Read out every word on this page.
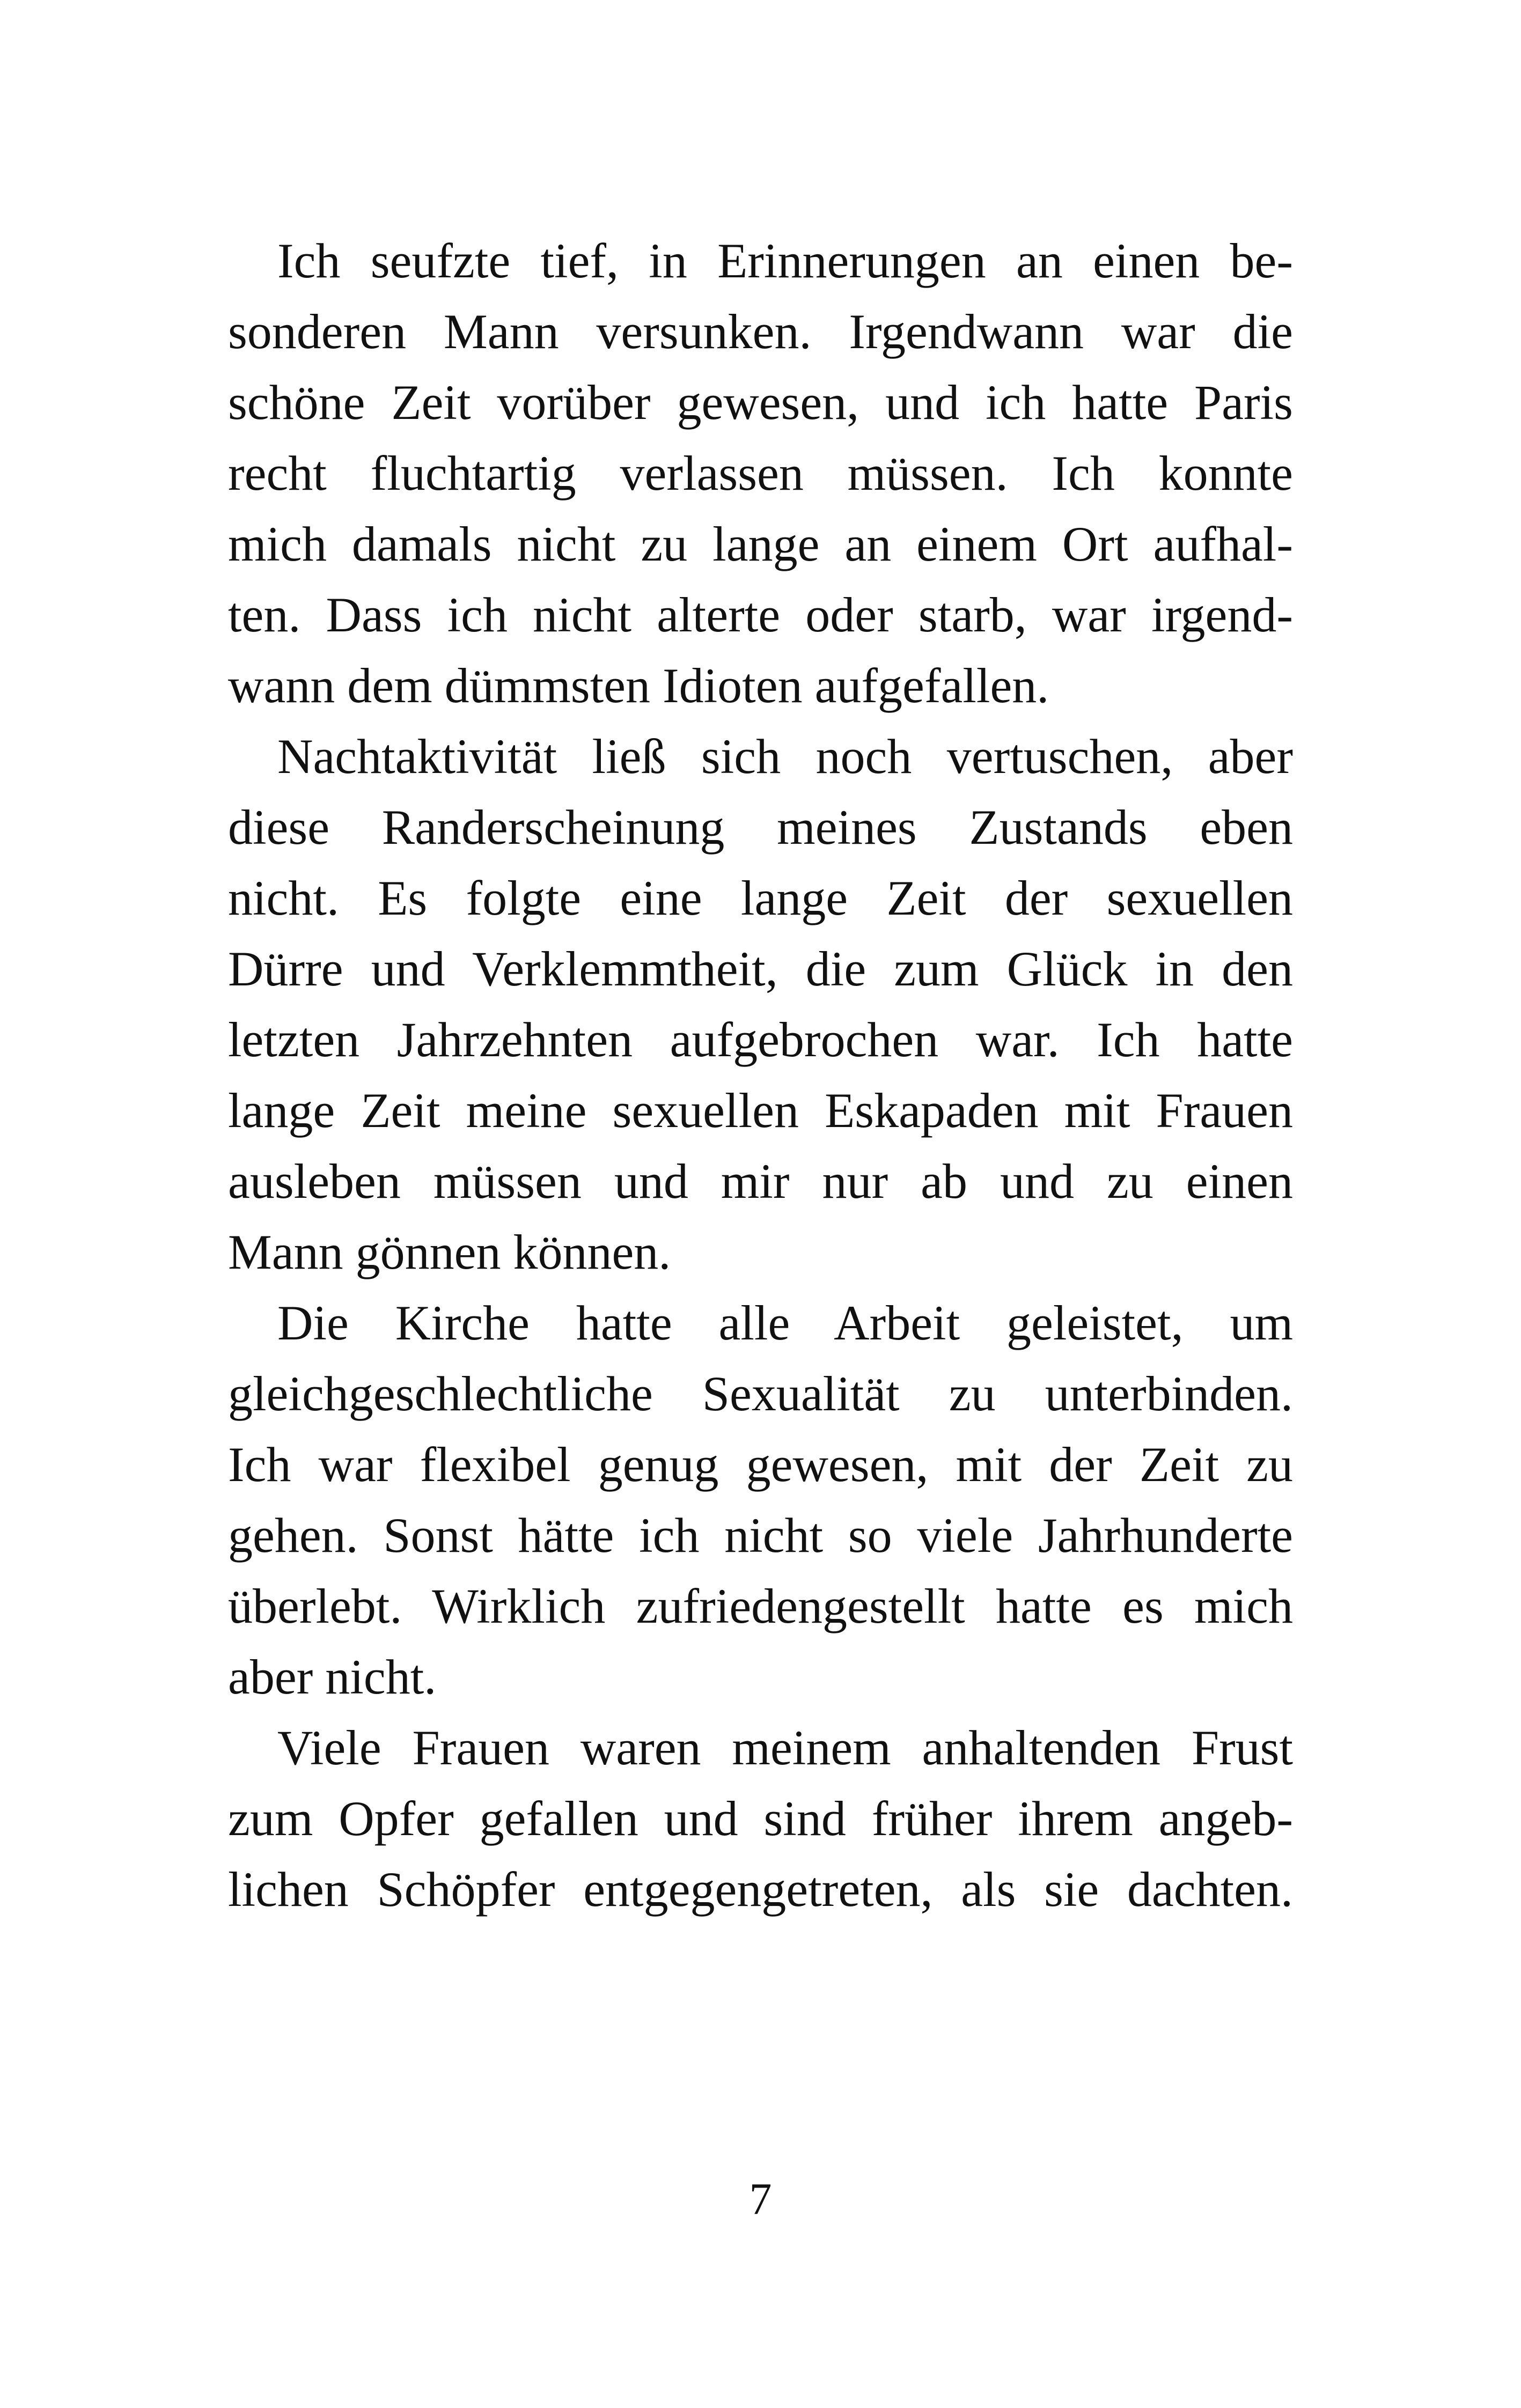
Ich seufzte tief, in Erinnerungen an einen be-
sonderen Mann versunken. Irgendwann war die
schöne Zeit vorüber gewesen, und ich hatte Paris
recht fluchtartig verlassen müssen. Ich konnte
mich damals nicht zu lange an einem Ort aufhal-
ten. Dass ich nicht alterte oder starb, war irgend-
wann dem dümmsten Idioten aufgefallen.
Nachtaktivität ließ sich noch vertuschen, aber
diese Randerscheinung meines Zustands eben
nicht. Es folgte eine lange Zeit der sexuellen
Dürre und Verklemmtheit, die zum Glück in den
letzten Jahrzehnten aufgebrochen war. Ich hatte
lange Zeit meine sexuellen Eskapaden mit Frauen
ausleben müssen und mir nur ab und zu einen
Mann gönnen können.
Die Kirche hatte alle Arbeit geleistet, um
gleichgeschlechtliche Sexualität zu unterbinden.
Ich war flexibel genug gewesen, mit der Zeit zu
gehen. Sonst hätte ich nicht so viele Jahrhunderte
überlebt. Wirklich zufriedengestellt hatte es mich
aber nicht.
Viele Frauen waren meinem anhaltenden Frust
zum Opfer gefallen und sind früher ihrem angeb-
lichen Schöpfer entgegengetreten, als sie dachten.
7
